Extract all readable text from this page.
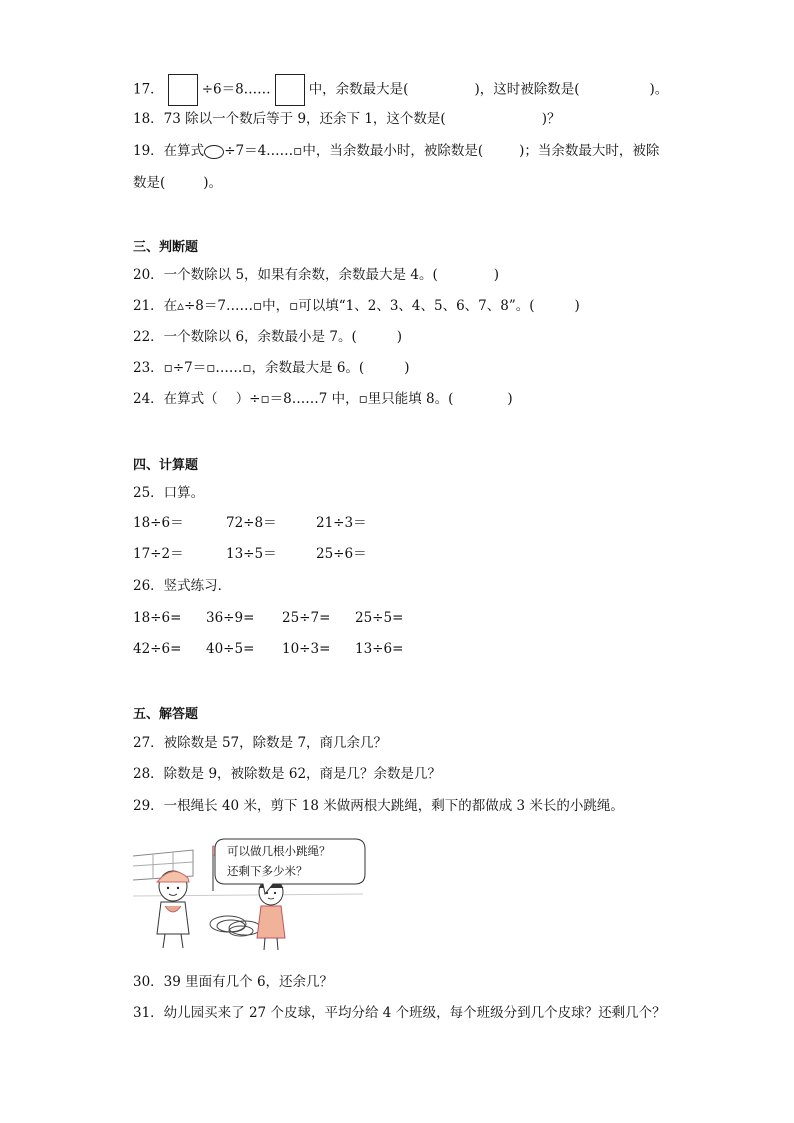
17．	÷6＝8……	中，余数最大是(	)，这时被除数是(	)。
18．73 除以一个数后等于 9，还余下 1，这个数是(	)？
19．在算式 ÷7＝4……▫中，当余数最小时，被除数是(	)；当余数最大时，被除
数是(	)。
三、判断题
20．一个数除以 5，如果有余数，余数最大是 4。(	)
21．在▵÷8＝7……▫中，▫可以填“1、2、3、4、5、6、7、8”。(	)
22．一个数除以 6，余数最小是 7。(	)
23．▫÷7＝▫……▫，余数最大是 6。(	)
24．在算式（ ）÷▫＝8……7 中，▫里只能填 8。(	)
四、计算题
25．口算。
18÷6＝	72÷8＝	21÷3＝
17÷2＝	13÷5＝	25÷6＝
26．竖式练习．
18÷6= 36÷9= 25÷7= 25÷5=
42÷6= 40÷5= 10÷3= 13÷6=
五、解答题
27．被除数是 57，除数是 7，商几余几？
28．除数是 9，被除数是 62，商是几？余数是几？
29．一根绳长 40 米，剪下 18 米做两根大跳绳，剩下的都做成 3 米长的小跳绳。
可以做几根小跳绳？
还剩下多少米？
30．39 里面有几个 6，还余几？
31．幼儿园买来了 27 个皮球，平均分给 4 个班级，每个班级分到几个皮球？还剩几个？
